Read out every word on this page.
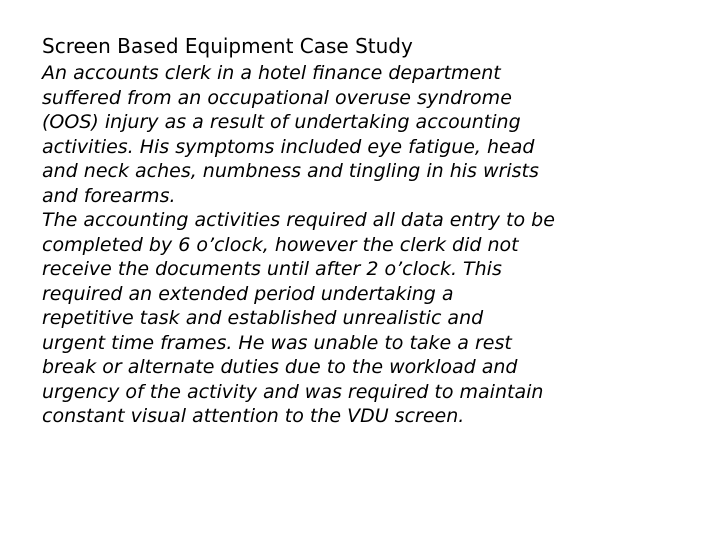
Screen Based Equipment Case Study

An accounts clerk in a hotel finance department
suffered from an occupational overuse syndrome
(OOS) injury as a result of undertaking accounting
activities. His symptoms included eye fatigue, head
and neck aches, numbness and tingling in his wrists
and forearms.

The accounting activities required all data entry to be
completed by 6 o’clock, however the clerk did not
receive the documents until after 2 o’clock. This
required an extended period undertaking a
repetitive task and established unrealistic and
urgent time frames. He was unable to take a rest
break or alternate duties due to the workload and
urgency of the activity and was required to maintain
constant visual attention to the VDU screen.
